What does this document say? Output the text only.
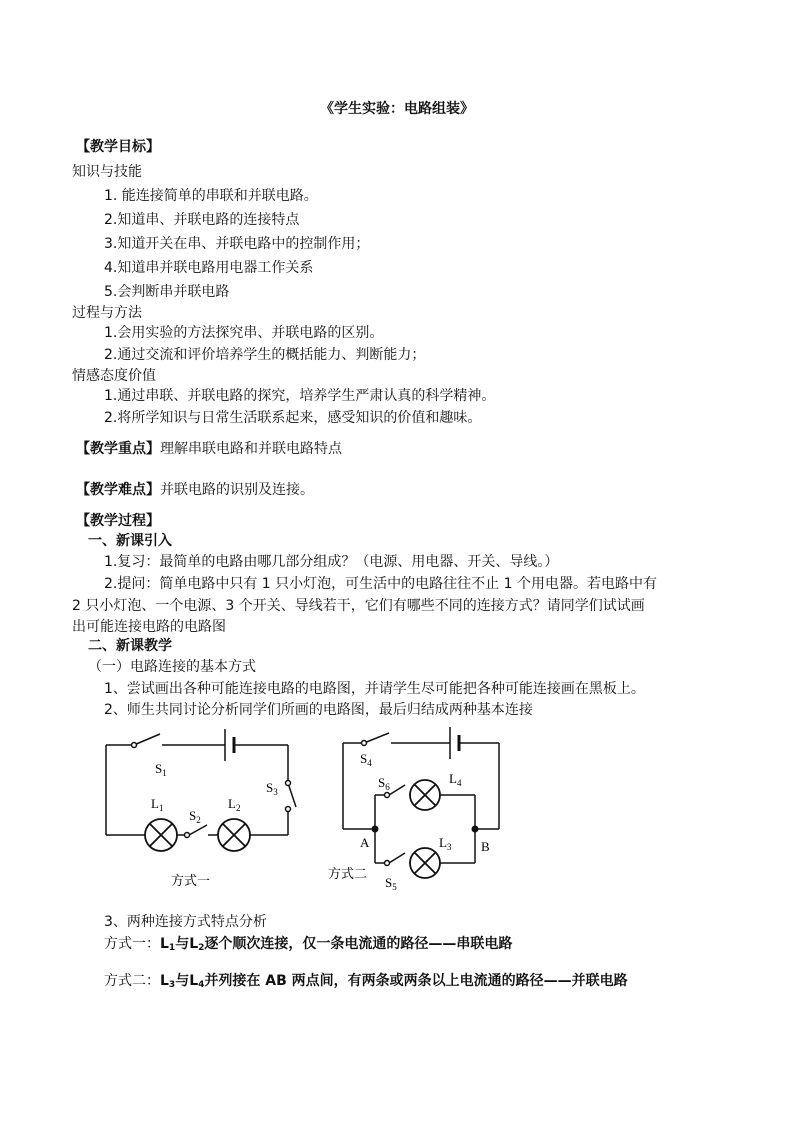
《学生实验：电路组装》
【教学目标】
知识与技能
1. 能连接简单的串联和并联电路。
2.知道串、并联电路的连接特点
3.知道开关在串、并联电路中的控制作用；
4.知道串并联电路用电器工作关系
5.会判断串并联电路
过程与方法
1.会用实验的方法探究串、并联电路的区别。
2.通过交流和评价培养学生的概括能力、判断能力；
情感态度价值
1.通过串联、并联电路的探究，培养学生严肃认真的科学精神。
2.将所学知识与日常生活联系起来，感受知识的价值和趣味。
【教学重点】理解串联电路和并联电路特点
【教学难点】并联电路的识别及连接。
【教学过程】
一、新课引入
1.复习：最简单的电路由哪几部分组成？（电源、用电器、开关、导线。）
2.提问：简单电路中只有 1 只小灯泡，可生活中的电路往往不止 1 个用电器。若电路中有
2 只小灯泡、一个电源、3 个开关、导线若干，它们有哪些不同的连接方式？请同学们试试画
出可能连接电路的电路图
二、新课教学
（一）电路连接的基本方式
1、尝试画出各种可能连接电路的电路图，并请学生尽可能把各种可能连接画在黑板上。
2、师生共同讨论分析同学们所画的电路图，最后归结成两种基本连接
$S_1$
$S_3$
$L_1$	$L_2$
$S_2$
方式一
$S_4$
$S_6$
$L_4$
$L_3$
A	B
$S_5$
方式二
3、两种连接方式特点分析
方式一：$L_1$与$L_2$逐个顺次连接，仅一条电流通的路径——串联电路
方式二：$L_3$与$L_4$并列接在 AB 两点间，有两条或两条以上电流通的路径——并联电路
